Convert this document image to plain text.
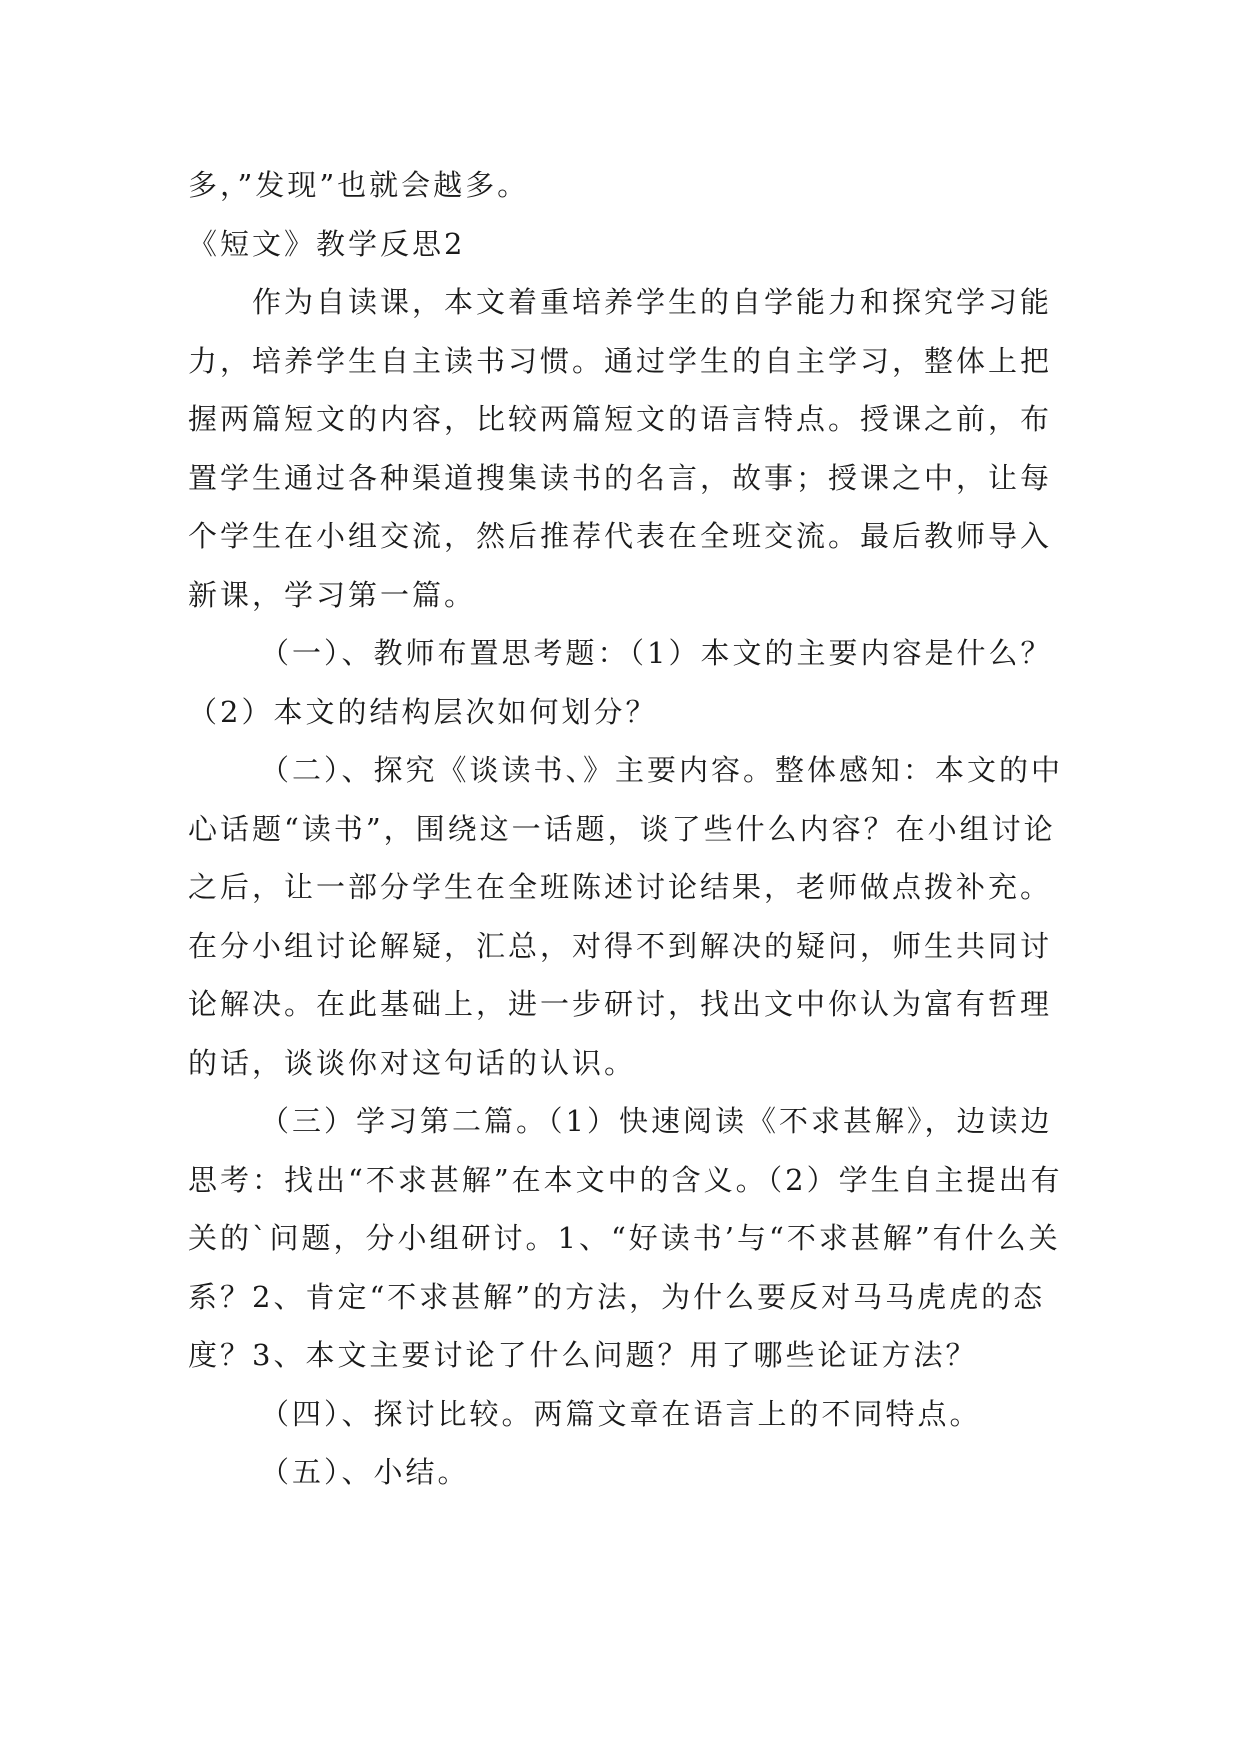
多，”发现”也就会越多。

《短文》教学反思2

作为自读课，本文着重培养学生的自学能力和探究学习能力，培养学生自主读书习惯。通过学生的自主学习，整体上把握两篇短文的内容，比较两篇短文的语言特点。授课之前，布置学生通过各种渠道搜集读书的名言，故事；授课之中，让每个学生在小组交流，然后推荐代表在全班交流。最后教师导入新课，学习第一篇。

（一）、教师布置思考题：（1）本文的主要内容是什么？（2）本文的结构层次如何划分？

（二）、探究《谈读书、》主要内容。整体感知：本文的中心话题“读书”，围绕这一话题，谈了些什么内容？在小组讨论之后，让一部分学生在全班陈述讨论结果，老师做点拨补充。在分小组讨论解疑，汇总，对得不到解决的疑问，师生共同讨论解决。在此基础上，进一步研讨，找出文中你认为富有哲理的话，谈谈你对这句话的认识。

（三）学习第二篇。（1）快速阅读《不求甚解》，边读边思考：找出“不求甚解”在本文中的含义。（2）学生自主提出有关的`问题，分小组研讨。1、“好读书’与“不求甚解”有什么关系？2、肯定“不求甚解”的方法，为什么要反对马马虎虎的态度？3、本文主要讨论了什么问题？用了哪些论证方法？

（四）、探讨比较。两篇文章在语言上的不同特点。

（五）、小结。
